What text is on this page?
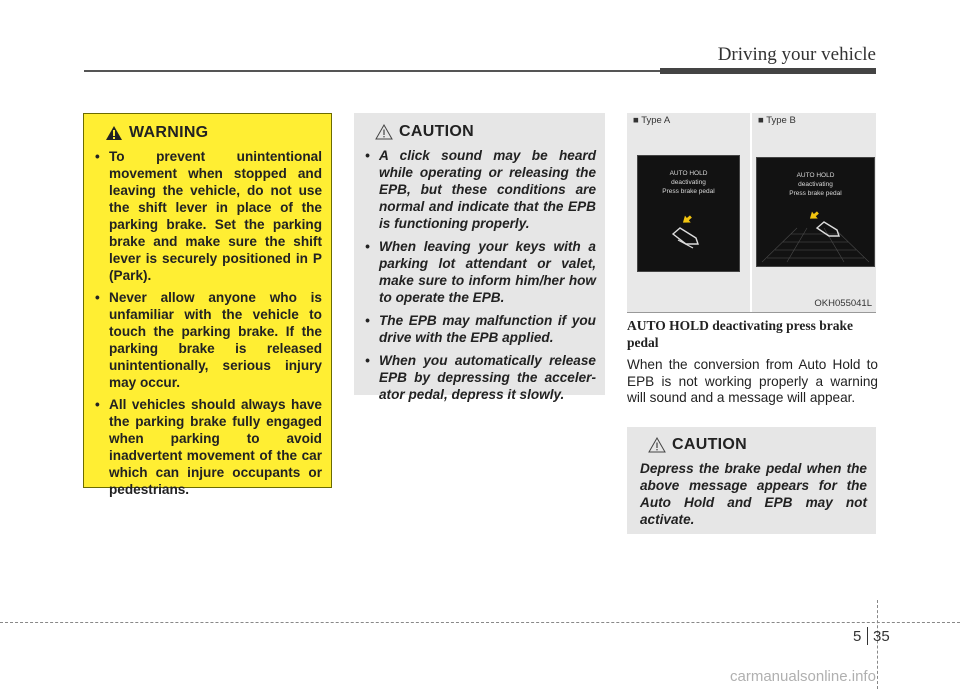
Driving your vehicle
WARNING
• To prevent unintentional movement when stopped and leaving the vehicle, do not use the shift lever in place of the parking brake. Set the parking brake and make sure the shift lever is securely positioned in P (Park).
• Never allow anyone who is unfamiliar with the vehicle to touch the parking brake. If the parking brake is released unintentionally, serious injury may occur.
• All vehicles should always have the parking brake fully engaged when parking to avoid inadvertent movement of the car which can injure occupants or pedestrians.
CAUTION
• A click sound may be heard while operating or releasing the EPB, but these conditions are normal and indicate that the EPB is functioning properly.
• When leaving your keys with a parking lot attendant or valet, make sure to inform him/her how to operate the EPB.
• The EPB may malfunction if you drive with the EPB applied.
• When you automatically release EPB by depressing the acceler-ator pedal, depress it slowly.
■ Type A	■ Type B
AUTO HOLD
deactivating
Press brake pedal
AUTO HOLD
deactivating
Press brake pedal
OKH055041L
AUTO HOLD deactivating press brake pedal
When the conversion from Auto Hold to EPB is not working properly a warning will sound and a message will appear.
CAUTION
Depress the brake pedal when the above message appears for the Auto Hold and EPB may not activate.
5 35
carmanualsonline.info
